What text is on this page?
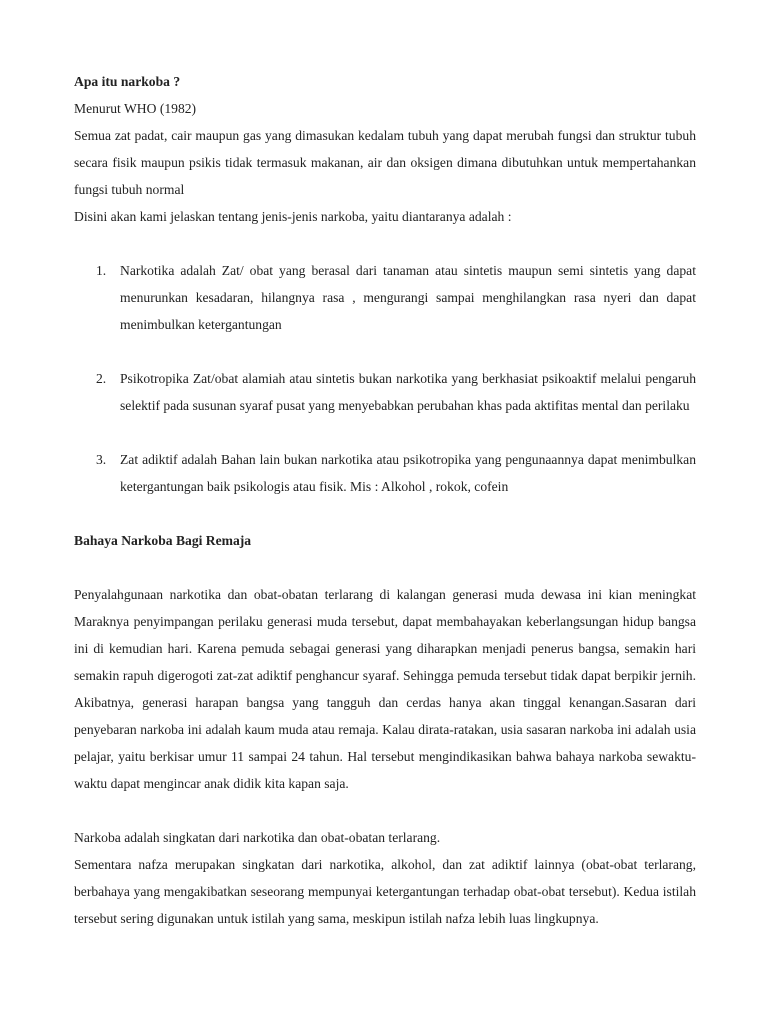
Apa itu narkoba ?

Menurut WHO (1982)

Semua zat padat, cair maupun gas yang dimasukan kedalam tubuh yang dapat merubah fungsi dan struktur tubuh secara fisik maupun psikis tidak termasuk makanan, air dan oksigen dimana dibutuhkan untuk mempertahankan fungsi tubuh normal

Disini akan kami jelaskan tentang jenis-jenis narkoba, yaitu diantaranya adalah :

1. Narkotika adalah Zat/ obat yang berasal dari tanaman atau sintetis maupun semi sintetis yang dapat menurunkan kesadaran, hilangnya rasa , mengurangi sampai menghilangkan rasa nyeri dan dapat menimbulkan ketergantungan
2. Psikotropika Zat/obat alamiah atau sintetis bukan narkotika yang berkhasiat psikoaktif melalui pengaruh selektif pada susunan syaraf pusat yang menyebabkan perubahan khas pada aktifitas mental dan perilaku
3. Zat adiktif adalah Bahan lain bukan narkotika atau psikotropika yang pengunaannya dapat menimbulkan ketergantungan baik psikologis atau fisik. Mis : Alkohol , rokok, cofein

Bahaya Narkoba Bagi Remaja

Penyalahgunaan narkotika dan obat-obatan terlarang di kalangan generasi muda dewasa ini kian meningkat Maraknya penyimpangan perilaku generasi muda tersebut, dapat membahayakan keberlangsungan hidup bangsa ini di kemudian hari. Karena pemuda sebagai generasi yang diharapkan menjadi penerus bangsa, semakin hari semakin rapuh digerogoti zat-zat adiktif penghancur syaraf. Sehingga pemuda tersebut tidak dapat berpikir jernih. Akibatnya, generasi harapan bangsa yang tangguh dan cerdas hanya akan tinggal kenangan.Sasaran dari penyebaran narkoba ini adalah kaum muda atau remaja. Kalau dirata-ratakan, usia sasaran narkoba ini adalah usia pelajar, yaitu berkisar umur 11 sampai 24 tahun. Hal tersebut mengindikasikan bahwa bahaya narkoba sewaktu-waktu dapat mengincar anak didik kita kapan saja.

Narkoba adalah singkatan dari narkotika dan obat-obatan terlarang.

Sementara nafza merupakan singkatan dari narkotika, alkohol, dan zat adiktif lainnya (obat-obat terlarang, berbahaya yang mengakibatkan seseorang mempunyai ketergantungan terhadap obat-obat tersebut). Kedua istilah tersebut sering digunakan untuk istilah yang sama, meskipun istilah nafza lebih luas lingkupnya.
